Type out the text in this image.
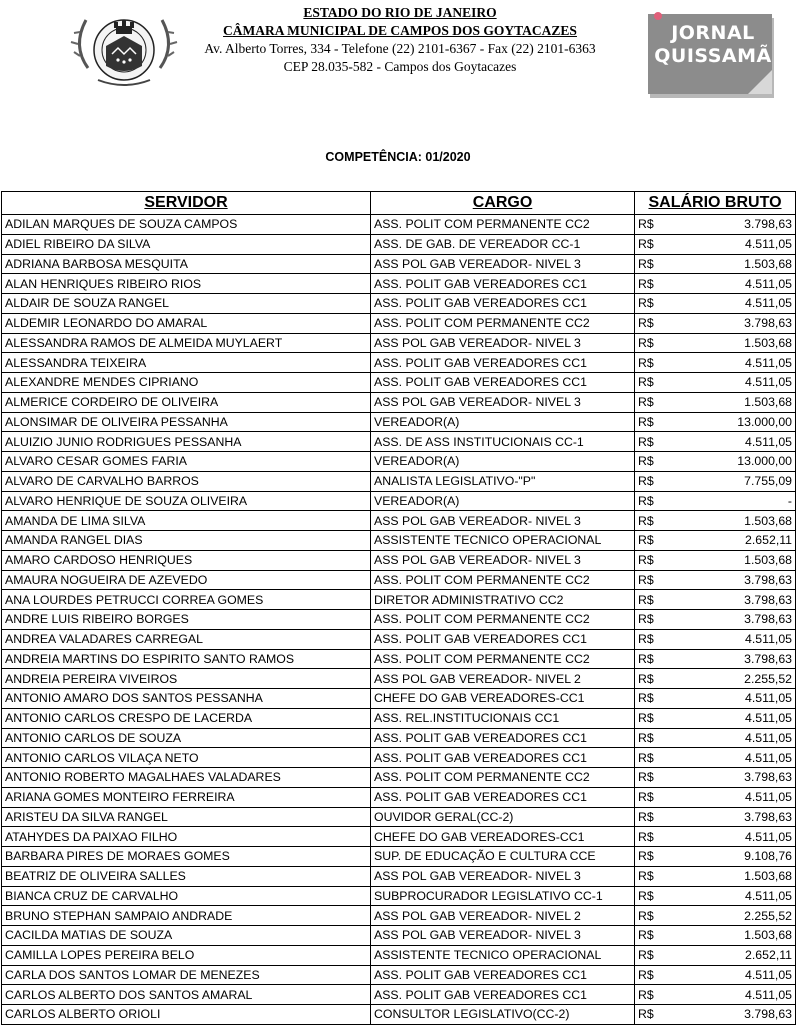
ESTADO DO RIO DE JANEIRO
CÂMARA MUNICIPAL DE CAMPOS DOS GOYTACAZES
Av. Alberto Torres, 334 - Telefone (22) 2101-6367 - Fax (22) 2101-6363
CEP 28.035-582 - Campos dos Goytacazes
JORNAL
QUISSAMÃ
COMPETÊNCIA: 01/2020
SERVIDOR	CARGO	SALÁRIO BRUTO	
ADILAN MARQUES DE SOUZA CAMPOS	ASS. POLIT COM PERMANENTE CC2	R$	3.798,63
ADIEL RIBEIRO DA SILVA	ASS. DE GAB. DE VEREADOR CC-1	R$	4.511,05
ADRIANA BARBOSA MESQUITA	ASS POL GAB VEREADOR- NIVEL 3	R$	1.503,68
ALAN HENRIQUES RIBEIRO RIOS	ASS. POLIT GAB VEREADORES CC1	R$	4.511,05
ALDAIR DE SOUZA RANGEL	ASS. POLIT GAB VEREADORES CC1	R$	4.511,05
ALDEMIR LEONARDO DO AMARAL	ASS. POLIT COM PERMANENTE CC2	R$	3.798,63
ALESSANDRA RAMOS DE ALMEIDA MUYLAERT	ASS POL GAB VEREADOR- NIVEL 3	R$	1.503,68
ALESSANDRA TEIXEIRA	ASS. POLIT GAB VEREADORES CC1	R$	4.511,05
ALEXANDRE MENDES CIPRIANO	ASS. POLIT GAB VEREADORES CC1	R$	4.511,05
ALMERICE CORDEIRO DE OLIVEIRA	ASS POL GAB VEREADOR- NIVEL 3	R$	1.503,68
ALONSIMAR DE OLIVEIRA PESSANHA	VEREADOR(A)	R$	13.000,00
ALUIZIO JUNIO RODRIGUES PESSANHA	ASS. DE ASS INSTITUCIONAIS CC-1	R$	4.511,05
ALVARO CESAR GOMES FARIA	VEREADOR(A)	R$	13.000,00
ALVARO DE CARVALHO BARROS	ANALISTA LEGISLATIVO-"P"	R$	7.755,09
ALVARO HENRIQUE DE SOUZA OLIVEIRA	VEREADOR(A)	R$	-
AMANDA DE LIMA SILVA	ASS POL GAB VEREADOR- NIVEL 3	R$	1.503,68
AMANDA RANGEL DIAS	ASSISTENTE TECNICO OPERACIONAL	R$	2.652,11
AMARO CARDOSO HENRIQUES	ASS POL GAB VEREADOR- NIVEL 3	R$	1.503,68
AMAURA NOGUEIRA DE AZEVEDO	ASS. POLIT COM PERMANENTE CC2	R$	3.798,63
ANA LOURDES PETRUCCI CORREA GOMES	DIRETOR ADMINISTRATIVO CC2	R$	3.798,63
ANDRE LUIS RIBEIRO BORGES	ASS. POLIT COM PERMANENTE CC2	R$	3.798,63
ANDREA VALADARES CARREGAL	ASS. POLIT GAB VEREADORES CC1	R$	4.511,05
ANDREIA MARTINS DO ESPIRITO SANTO RAMOS	ASS. POLIT COM PERMANENTE CC2	R$	3.798,63
ANDREIA PEREIRA VIVEIROS	ASS POL GAB VEREADOR- NIVEL 2	R$	2.255,52
ANTONIO AMARO DOS SANTOS PESSANHA	CHEFE DO GAB VEREADORES-CC1	R$	4.511,05
ANTONIO CARLOS CRESPO DE LACERDA	ASS. REL.INSTITUCIONAIS CC1	R$	4.511,05
ANTONIO CARLOS DE SOUZA	ASS. POLIT GAB VEREADORES CC1	R$	4.511,05
ANTONIO CARLOS VILAÇA NETO	ASS. POLIT GAB VEREADORES CC1	R$	4.511,05
ANTONIO ROBERTO MAGALHAES VALADARES	ASS. POLIT COM PERMANENTE CC2	R$	3.798,63
ARIANA GOMES MONTEIRO FERREIRA	ASS. POLIT GAB VEREADORES CC1	R$	4.511,05
ARISTEU DA SILVA RANGEL	OUVIDOR GERAL(CC-2)	R$	3.798,63
ATAHYDES DA PAIXAO FILHO	CHEFE DO GAB VEREADORES-CC1	R$	4.511,05
BARBARA PIRES DE MORAES GOMES	SUP. DE EDUCAÇÃO E CULTURA CCE	R$	9.108,76
BEATRIZ DE OLIVEIRA SALLES	ASS POL GAB VEREADOR- NIVEL 3	R$	1.503,68
BIANCA CRUZ DE CARVALHO	SUBPROCURADOR LEGISLATIVO CC-1	R$	4.511,05
BRUNO STEPHAN SAMPAIO ANDRADE	ASS POL GAB VEREADOR- NIVEL 2	R$	2.255,52
CACILDA MATIAS DE SOUZA	ASS POL GAB VEREADOR- NIVEL 3	R$	1.503,68
CAMILLA LOPES PEREIRA BELO	ASSISTENTE TECNICO OPERACIONAL	R$	2.652,11
CARLA DOS SANTOS LOMAR DE MENEZES	ASS. POLIT GAB VEREADORES CC1	R$	4.511,05
CARLOS ALBERTO DOS SANTOS AMARAL	ASS. POLIT GAB VEREADORES CC1	R$	4.511,05
CARLOS ALBERTO ORIOLI	CONSULTOR LEGISLATIVO(CC-2)	R$	3.798,63
